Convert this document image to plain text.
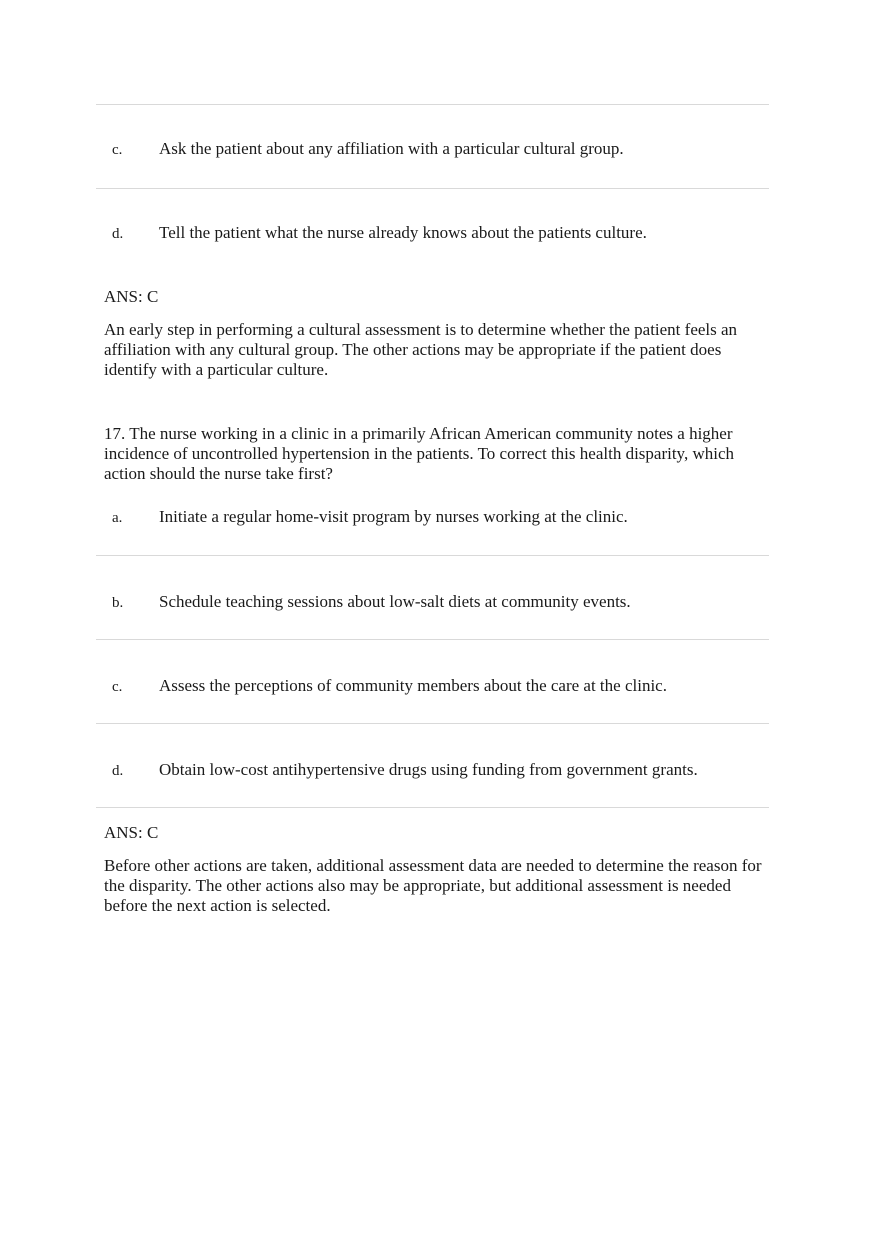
c. Ask the patient about any affiliation with a particular cultural group.
d. Tell the patient what the nurse already knows about the patients culture.
ANS: C
An early step in performing a cultural assessment is to determine whether the patient feels an
affiliation with any cultural group. The other actions may be appropriate if the patient does
identify with a particular culture.
17. The nurse working in a clinic in a primarily African American community notes a higher
incidence of uncontrolled hypertension in the patients. To correct this health disparity, which
action should the nurse take first?
a. Initiate a regular home-visit program by nurses working at the clinic.
b. Schedule teaching sessions about low-salt diets at community events.
c. Assess the perceptions of community members about the care at the clinic.
d. Obtain low-cost antihypertensive drugs using funding from government grants.
ANS: C
Before other actions are taken, additional assessment data are needed to determine the reason for
the disparity. The other actions also may be appropriate, but additional assessment is needed
before the next action is selected.
